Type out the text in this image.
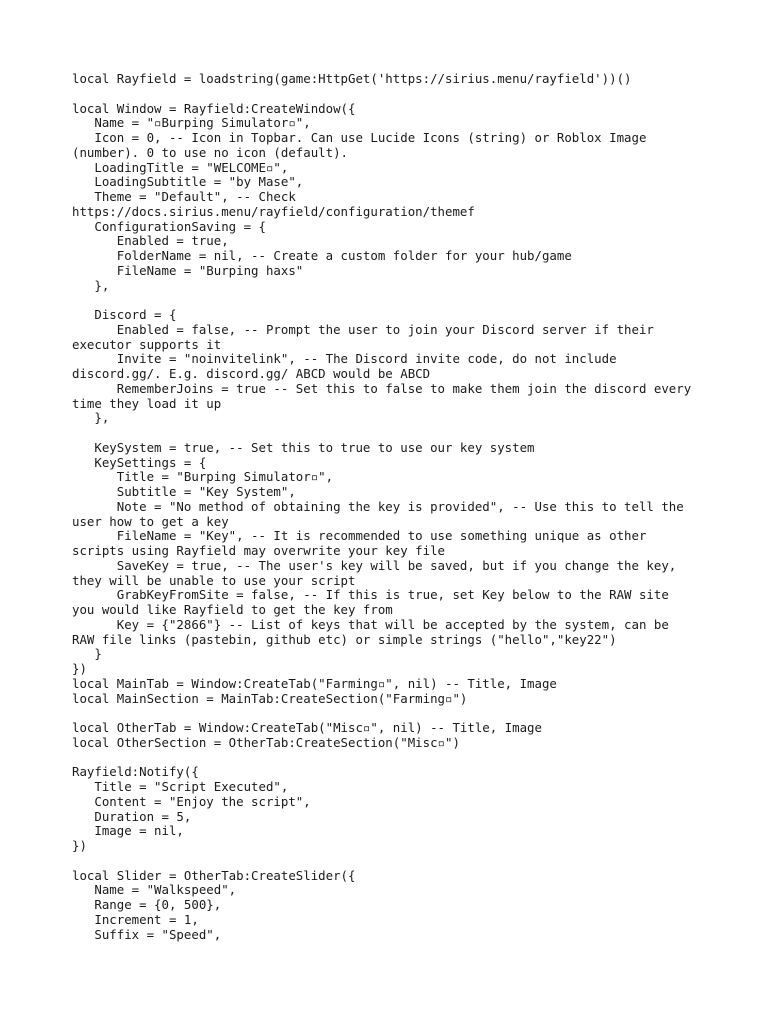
local Rayfield = loadstring(game:HttpGet('https://sirius.menu/rayfield'))()
local Window = Rayfield:CreateWindow({
Name = "▫Burping Simulator▫",
Icon = 0, -- Icon in Topbar. Can use Lucide Icons (string) or Roblox Image
(number). 0 to use no icon (default).
LoadingTitle = "WELCOME▫",
LoadingSubtitle = "by Mase",
Theme = "Default", -- Check
https://docs.sirius.menu/rayfield/configuration/themef
ConfigurationSaving = {
Enabled = true,
FolderName = nil, -- Create a custom folder for your hub/game
FileName = "Burping haxs"
},
Discord = {
Enabled = false, -- Prompt the user to join your Discord server if their
executor supports it
Invite = "noinvitelink", -- The Discord invite code, do not include
discord.gg/. E.g. discord.gg/ ABCD would be ABCD
RememberJoins = true -- Set this to false to make them join the discord every
time they load it up
},
KeySystem = true, -- Set this to true to use our key system
KeySettings = {
Title = "Burping Simulator▫",
Subtitle = "Key System",
Note = "No method of obtaining the key is provided", -- Use this to tell the
user how to get a key
FileName = "Key", -- It is recommended to use something unique as other
scripts using Rayfield may overwrite your key file
SaveKey = true, -- The user's key will be saved, but if you change the key,
they will be unable to use your script
GrabKeyFromSite = false, -- If this is true, set Key below to the RAW site
you would like Rayfield to get the key from
Key = {"2866"} -- List of keys that will be accepted by the system, can be
RAW file links (pastebin, github etc) or simple strings ("hello","key22")
}
})
local MainTab = Window:CreateTab("Farming▫", nil) -- Title, Image
local MainSection = MainTab:CreateSection("Farming▫")
local OtherTab = Window:CreateTab("Misc▫", nil) -- Title, Image
local OtherSection = OtherTab:CreateSection("Misc▫")
Rayfield:Notify({
Title = "Script Executed",
Content = "Enjoy the script",
Duration = 5,
Image = nil,
})
local Slider = OtherTab:CreateSlider({
Name = "Walkspeed",
Range = {0, 500},
Increment = 1,
Suffix = "Speed",
